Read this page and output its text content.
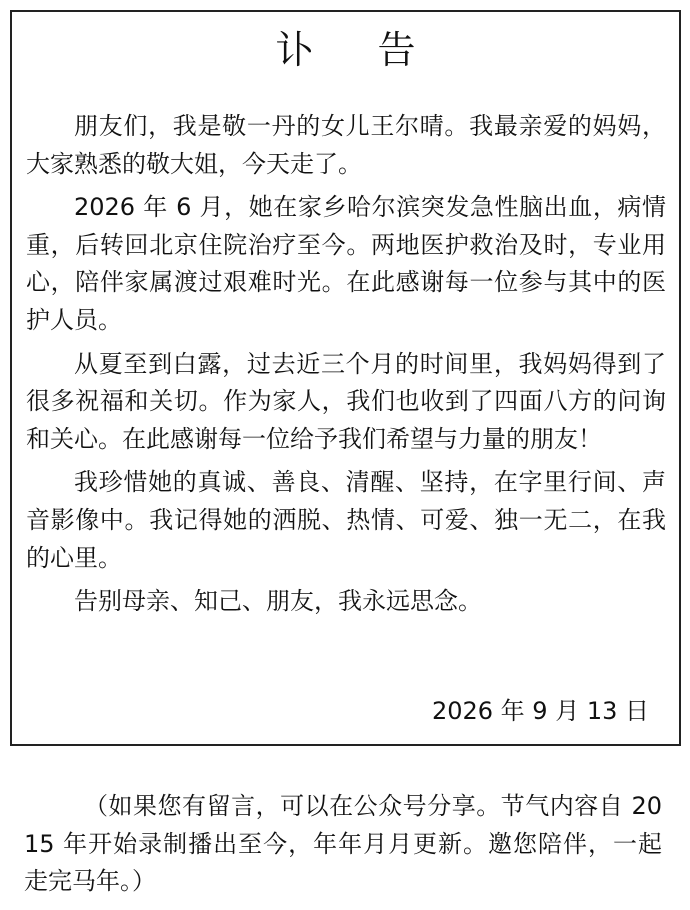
讣 告

朋友们，我是敬一丹的女儿王尔晴。我最亲爱的妈妈，大家熟悉的敬大姐，今天走了。

2026 年 6 月，她在家乡哈尔滨突发急性脑出血，病情重，后转回北京住院治疗至今。两地医护救治及时，专业用心，陪伴家属渡过艰难时光。在此感谢每一位参与其中的医护人员。

从夏至到白露，过去近三个月的时间里，我妈妈得到了很多祝福和关切。作为家人，我们也收到了四面八方的问询和关心。在此感谢每一位给予我们希望与力量的朋友！

我珍惜她的真诚、善良、清醒、坚持，在字里行间、声音影像中。我记得她的洒脱、热情、可爱、独一无二，在我的心里。

告别母亲、知己、朋友，我永远思念。

2026 年 9 月 13 日

（如果您有留言，可以在公众号分享。节气内容自 2015 年开始录制播出至今，年年月月更新。邀您陪伴，一起走完马年。）
